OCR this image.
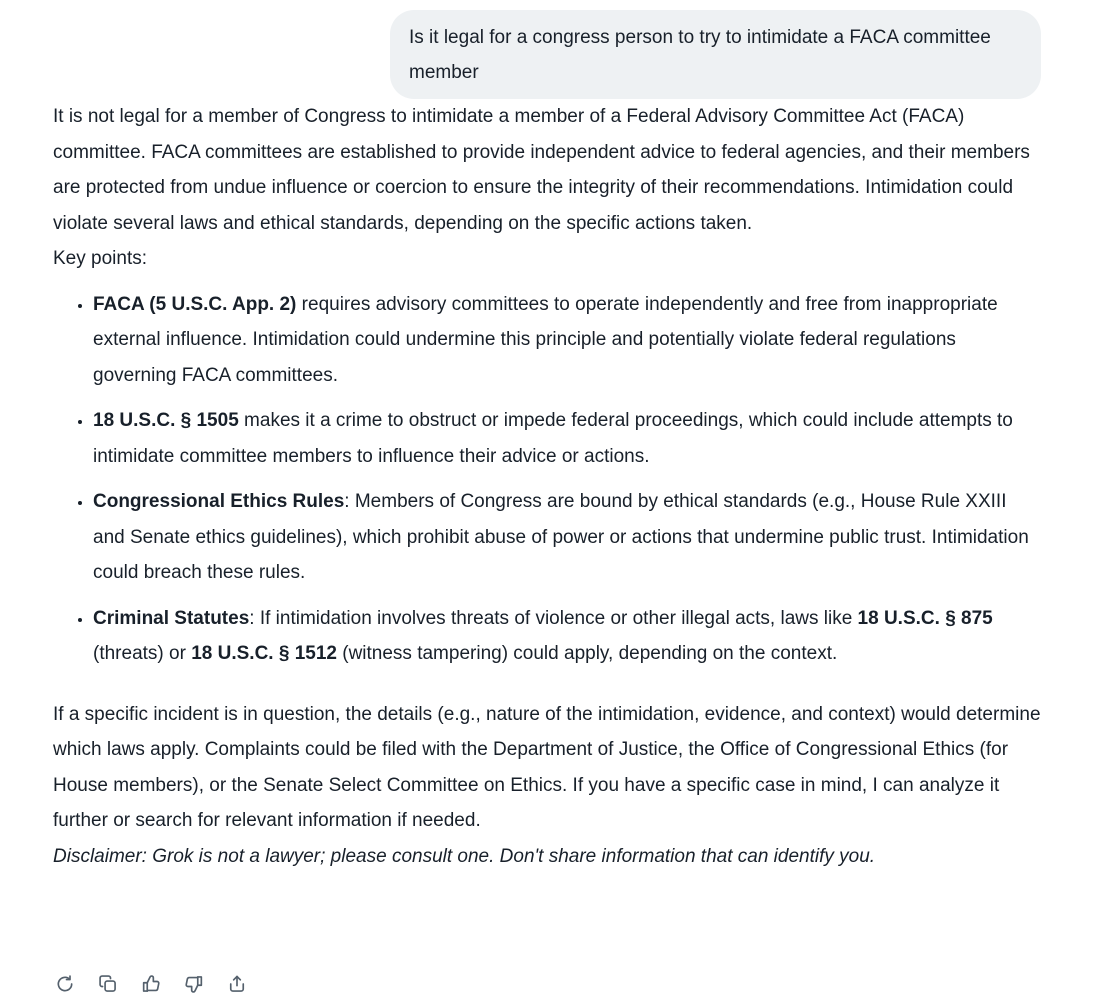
Is it legal for a congress person to try to intimidate a FACA committee member

It is not legal for a member of Congress to intimidate a member of a Federal Advisory Committee Act (FACA) committee. FACA committees are established to provide independent advice to federal agencies, and their members are protected from undue influence or coercion to ensure the integrity of their recommendations. Intimidation could violate several laws and ethical standards, depending on the specific actions taken.

Key points:

• FACA (5 U.S.C. App. 2) requires advisory committees to operate independently and free from inappropriate external influence. Intimidation could undermine this principle and potentially violate federal regulations governing FACA committees.
• 18 U.S.C. § 1505 makes it a crime to obstruct or impede federal proceedings, which could include attempts to intimidate committee members to influence their advice or actions.
• Congressional Ethics Rules: Members of Congress are bound by ethical standards (e.g., House Rule XXIII and Senate ethics guidelines), which prohibit abuse of power or actions that undermine public trust. Intimidation could breach these rules.
• Criminal Statutes: If intimidation involves threats of violence or other illegal acts, laws like 18 U.S.C. § 875 (threats) or 18 U.S.C. § 1512 (witness tampering) could apply, depending on the context.

If a specific incident is in question, the details (e.g., nature of the intimidation, evidence, and context) would determine which laws apply. Complaints could be filed with the Department of Justice, the Office of Congressional Ethics (for House members), or the Senate Select Committee on Ethics. If you have a specific case in mind, I can analyze it further or search for relevant information if needed.

Disclaimer: Grok is not a lawyer; please consult one. Don't share information that can identify you.
